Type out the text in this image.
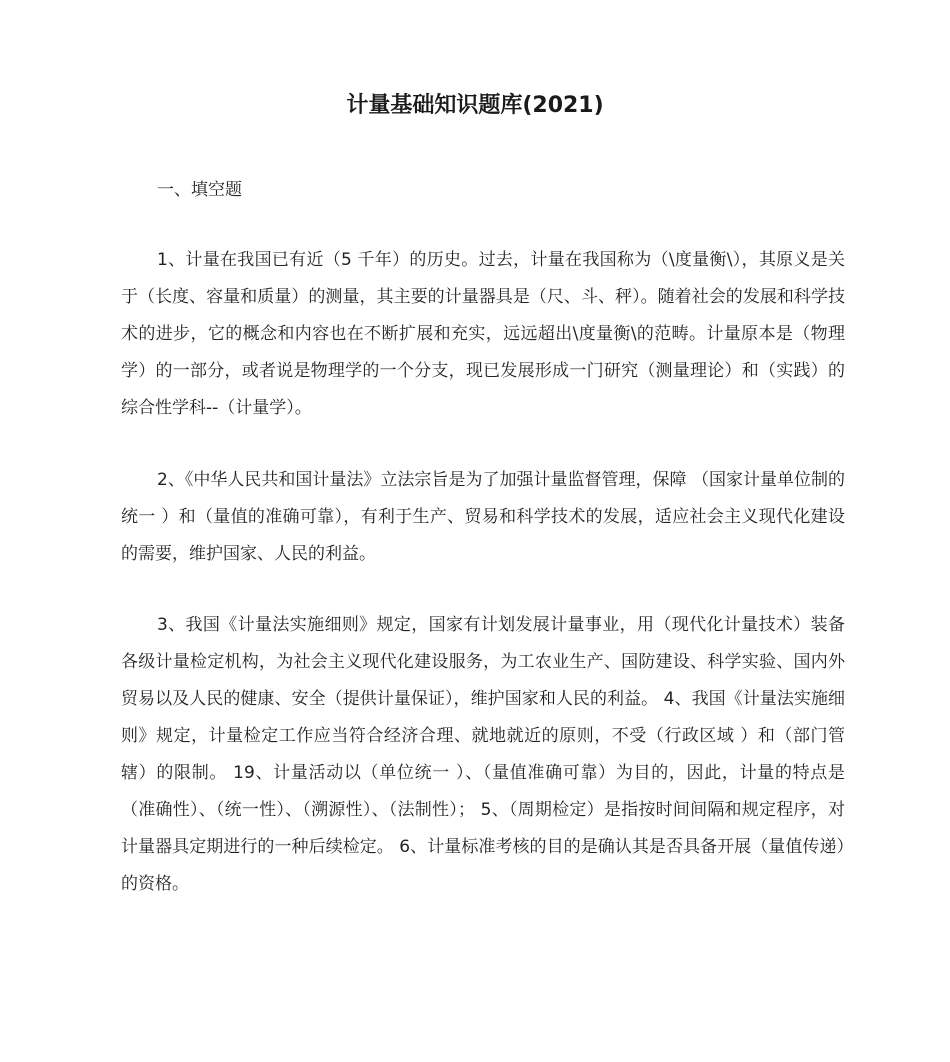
计量基础知识题库(2021)
一、填空题
1、计量在我国已有近（5 千年）的历史。过去，计量在我国称为（\度量衡\），其原义是关于（长度、容量和质量）的测量，其主要的计量器具是（尺、斗、秤）。随着社会的发展和科学技术的进步，它的概念和内容也在不断扩展和充实，远远超出\度量衡\的范畴。计量原本是（物理学）的一部分，或者说是物理学的一个分支，现已发展形成一门研究（测量理论）和（实践）的综合性学科--（计量学）。
2、《中华人民共和国计量法》立法宗旨是为了加强计量监督管理，保障 （国家计量单位制的统一 ）和（量值的准确可靠），有利于生产、贸易和科学技术的发展，适应社会主义现代化建设的需要，维护国家、人民的利益。
3、我国《计量法实施细则》规定，国家有计划发展计量事业，用（现代化计量技术）装备各级计量检定机构，为社会主义现代化建设服务，为工农业生产、国防建设、科学实验、国内外贸易以及人民的健康、安全（提供计量保证），维护国家和人民的利益。 4、我国《计量法实施细则》规定，计量检定工作应当符合经济合理、就地就近的原则，不受（行政区域 ）和（部门管辖）的限制。 19、计量活动以（单位统一 ）、（量值准确可靠）为目的，因此，计量的特点是（准确性）、（统一性）、（溯源性）、（法制性）； 5、（周期检定）是指按时间间隔和规定程序，对计量器具定期进行的一种后续检定。 6、计量标准考核的目的是确认其是否具备开展（量值传递）的资格。
